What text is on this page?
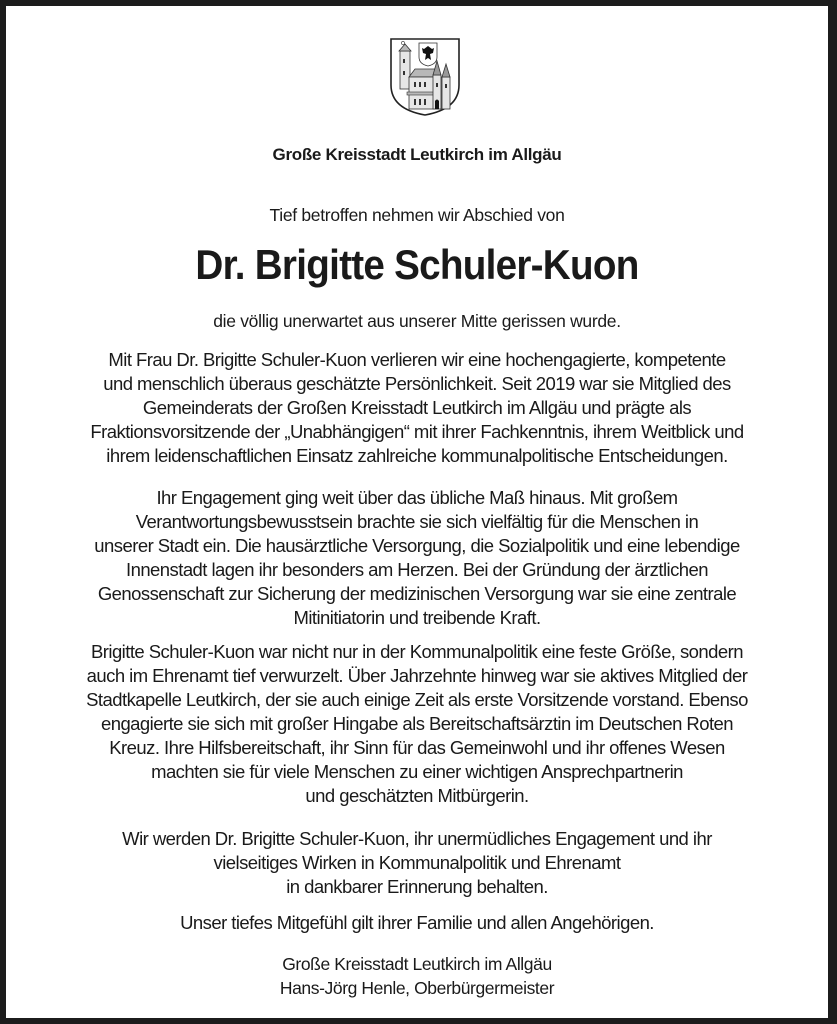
Große Kreisstadt Leutkirch im Allgäu
Tief betroffen nehmen wir Abschied von
Dr. Brigitte Schuler-Kuon
die völlig unerwartet aus unserer Mitte gerissen wurde.
Mit Frau Dr. Brigitte Schuler-Kuon verlieren wir eine hochengagierte, kompetente
und menschlich überaus geschätzte Persönlichkeit. Seit 2019 war sie Mitglied des
Gemeinderats der Großen Kreisstadt Leutkirch im Allgäu und prägte als
Fraktionsvorsitzende der „Unabhängigen“ mit ihrer Fachkenntnis, ihrem Weitblick und
ihrem leidenschaftlichen Einsatz zahlreiche kommunalpolitische Entscheidungen.
Ihr Engagement ging weit über das übliche Maß hinaus. Mit großem
Verantwortungsbewusstsein brachte sie sich vielfältig für die Menschen in
unserer Stadt ein. Die hausärztliche Versorgung, die Sozialpolitik und eine lebendige
Innenstadt lagen ihr besonders am Herzen. Bei der Gründung der ärztlichen
Genossenschaft zur Sicherung der medizinischen Versorgung war sie eine zentrale
Mitinitiatorin und treibende Kraft.
Brigitte Schuler-Kuon war nicht nur in der Kommunalpolitik eine feste Größe, sondern
auch im Ehrenamt tief verwurzelt. Über Jahrzehnte hinweg war sie aktives Mitglied der
Stadtkapelle Leutkirch, der sie auch einige Zeit als erste Vorsitzende vorstand. Ebenso
engagierte sie sich mit großer Hingabe als Bereitschaftsärztin im Deutschen Roten
Kreuz. Ihre Hilfsbereitschaft, ihr Sinn für das Gemeinwohl und ihr offenes Wesen
machten sie für viele Menschen zu einer wichtigen Ansprechpartnerin
und geschätzten Mitbürgerin.
Wir werden Dr. Brigitte Schuler-Kuon, ihr unermüdliches Engagement und ihr
vielseitiges Wirken in Kommunalpolitik und Ehrenamt
in dankbarer Erinnerung behalten.
Unser tiefes Mitgefühl gilt ihrer Familie und allen Angehörigen.
Große Kreisstadt Leutkirch im Allgäu
Hans-Jörg Henle, Oberbürgermeister
